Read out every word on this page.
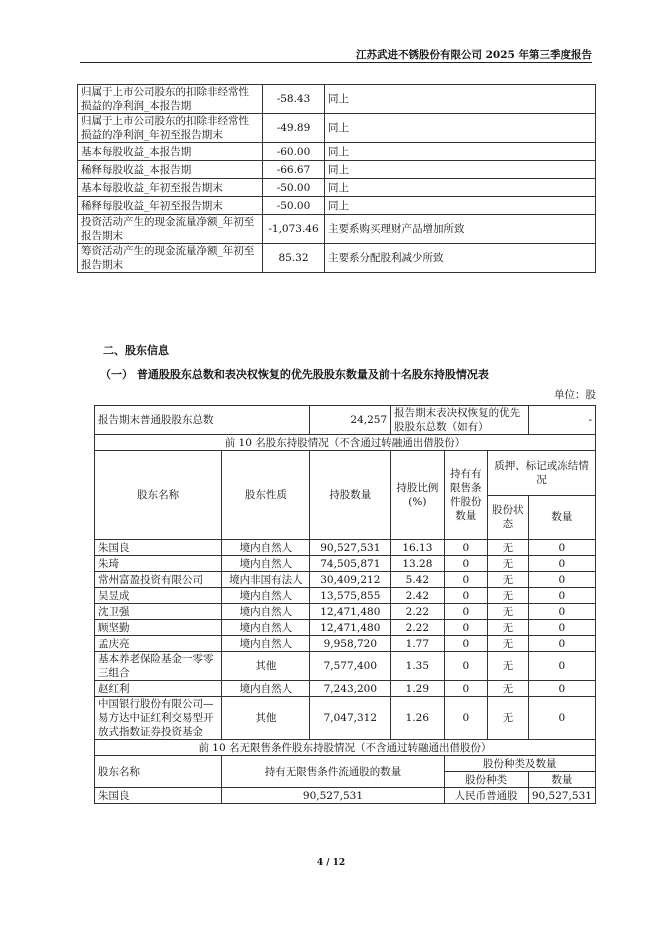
江苏武进不锈股份有限公司 2025 年第三季度报告
归属于上市公司股东的扣除非经常性损益的净利润_本报告期	-58.43	同上
归属于上市公司股东的扣除非经常性损益的净利润_年初至报告期末	-49.89	同上
基本每股收益_本报告期	-60.00	同上
稀释每股收益_本报告期	-66.67	同上
基本每股收益_年初至报告期末	-50.00	同上
稀释每股收益_年初至报告期末	-50.00	同上
投资活动产生的现金流量净额_年初至报告期末	-1,073.46	主要系购买理财产品增加所致
筹资活动产生的现金流量净额_年初至报告期末	85.32	主要系分配股利减少所致
二、股东信息
（一） 普通股股东总数和表决权恢复的优先股股东数量及前十名股东持股情况表
单位：股
报告期末普通股股东总数		24,257	报告期末表决权恢复的优先股股东总数（如有）			-
前 10 名股东持股情况（不含通过转融通出借股份）						
股东名称	股东性质	持股数量	持股比例(%)	持有有限售条件股份数量	质押、标记或冻结情况	
					股份状态	数量
朱国良	境内自然人	90,527,531	16.13	0	无	0
朱琦	境内自然人	74,505,871	13.28	0	无	0
常州富盈投资有限公司	境内非国有法人	30,409,212	5.42	0	无	0
吴昱成	境内自然人	13,575,855	2.42	0	无	0
沈卫强	境内自然人	12,471,480	2.22	0	无	0
顾坚勤	境内自然人	12,471,480	2.22	0	无	0
孟庆亮	境内自然人	9,958,720	1.77	0	无	0
基本养老保险基金一零零三组合	其他	7,577,400	1.35	0	无	0
赵红利	境内自然人	7,243,200	1.29	0	无	0
中国银行股份有限公司—易方达中证红利交易型开放式指数证券投资基金	其他	7,047,312	1.26	0	无	0
前 10 名无限售条件股东持股情况（不含通过转融通出借股份）						
股东名称	持有无限售条件流通股的数量			股份种类及数量		
				股份种类		数量
朱国良	90,527,531			人民币普通股		90,527,531
4 / 12
